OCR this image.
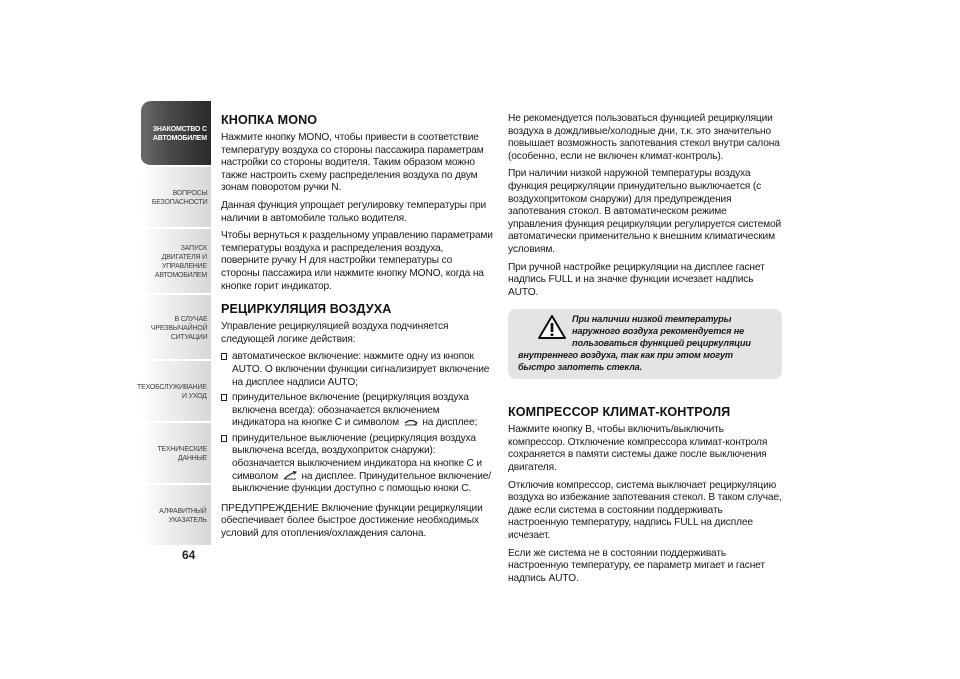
ЗНАКОМСТВО С
АВТОМОБИЛЕМ
ВОПРОСЫ
БЕЗОПАСНОСТИ
ЗАПУСК ДВИГАТЕЛЯ И
УПРАВЛЕНИЕ
АВТОМОБИЛЕМ
В СЛУЧАЕ
ЧРЕЗВЫЧАЙНОЙ
СИТУАЦИИ
ТЕХОБСЛУЖИВАНИЕ
И УХОД
ТЕХНИЧЕСКИЕ
ДАННЫЕ
АЛФАВИТНЫЙ
УКАЗАТЕЛЬ
64
КНОПКА MONO

Нажмите кнопку MONO, чтобы привести в соответствие температуру воздуха со стороны пассажира параметрам настройки со стороны водителя. Таким образом можно также настроить схему распределения воздуха по двум зонам поворотом ручки N.

Данная функция упрощает регулировку температуры при наличии в автомобиле только водителя.

Чтобы вернуться к раздельному управлению параметрами температуры воздуха и распределения воздуха, поверните ручку H для настройки температуры со стороны пассажира или нажмите кнопку MONO, когда на кнопке горит индикатор.

РЕЦИРКУЛЯЦИЯ ВОЗДУХА

Управление рециркуляцией воздуха подчиняется следующей логике действия:

автоматическое включение: нажмите одну из кнопок AUTO. О включении функции сигнализирует включение на дисплее надписи AUTO;
принудительное включение (рециркуляция воздуха включена всегда): обозначается включением индикатора на кнопке C и символом на дисплее;
принудительное выключение (рециркуляция воздуха выключена всегда, воздухоприток снаружи): обозначается выключением индикатора на кнопке C и символом на дисплее. Принудительное включение/выключение функции доступно с помощью кноки C.

ПРЕДУПРЕЖДЕНИЕ Включение функции рециркуляции обеспечивает более быстрое достижение необходимых условий для отопления/охлаждения салона.

Не рекомендуется пользоваться функцией рециркуляции воздуха в дождливые/холодные дни, т.к. это значительно повышает возможность запотевания стекол внутри салона (особенно, если не включен климат-контроль).

При наличии низкой наружной температуры воздуха функция рециркуляции принудительно выключается (с воздухопритоком снаружи) для предупреждения запотевания стокол. В автоматическом режиме управления функция рециркуляции регулируется системой автоматически применительно к внешним климатическим условиям.

При ручной настройке рециркуляции на дисплее гаснет надпись FULL и на значке функции исчезает надпись AUTO.

При наличии низкой температуры наружного воздуха рекомендуется не пользоваться функцией рециркуляции внутреннего воздуха, так как при этом могут быстро запотеть стекла.
КОМПРЕССОР КЛИМАТ-КОНТРОЛЯ

Нажмите кнопку B, чтобы включить/выключить компрессор. Отключение компрессора климат-контроля сохраняется в памяти системы даже после выключения двигателя.

Отключив компрессор, система выключает рециркуляцию воздуха во избежание запотевания стекол. В таком случае, даже если система в состоянии поддерживать настроенную температуру, надпись FULL на дисплее исчезает.

Если же система не в состоянии поддерживать настроенную температуру, ее параметр мигает и гаснет надпись AUTO.
